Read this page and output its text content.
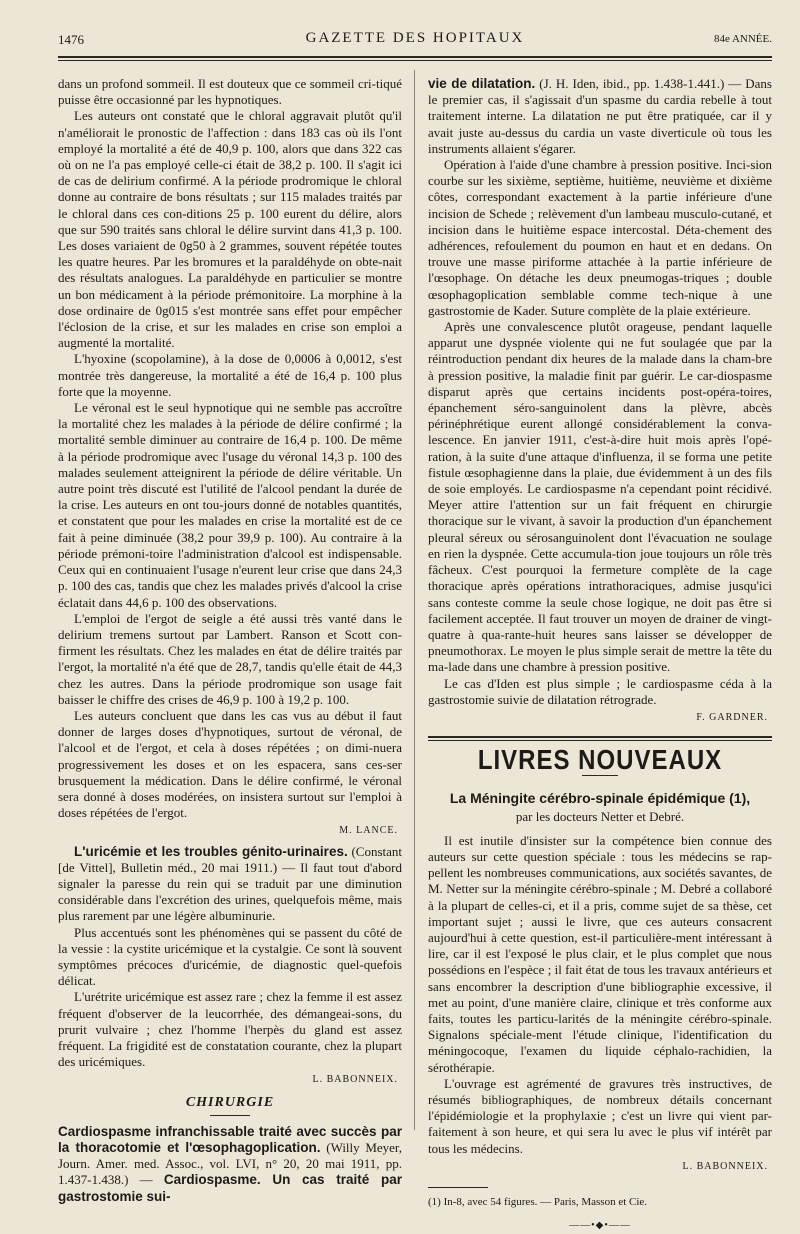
1476	GAZETTE DES HOPITAUX	84e ANNÉE.

dans un profond sommeil. Il est douteux que ce sommeil cri-tiqué puisse être occasionné par les hypnotiques.

Les auteurs ont constaté que le chloral aggravait plutôt qu'il n'améliorait le pronostic de l'affection : dans 183 cas où ils l'ont employé la mortalité a été de 40,9 p. 100, alors que dans 322 cas où on ne l'a pas employé celle-ci était de 38,2 p. 100. Il s'agit ici de cas de delirium confirmé. A la période prodromique le chloral donne au contraire de bons résultats ; sur 115 malades traités par le chloral dans ces con-ditions 25 p. 100 eurent du délire, alors que sur 590 traités sans chloral le délire survint dans 41,3 p. 100. Les doses variaient de 0g50 à 2 grammes, souvent répétée toutes les quatre heures. Par les bromures et la paraldéhyde on obte-nait des résultats analogues. La paraldéhyde en particulier se montre un bon médicament à la période prémonitoire. La morphine à la dose ordinaire de 0g015 s'est montrée sans effet pour empêcher l'éclosion de la crise, et sur les malades en crise son emploi a augmenté la mortalité.

L'hyoxine (scopolamine), à la dose de 0,0006 à 0,0012, s'est montrée très dangereuse, la mortalité a été de 16,4 p. 100 plus forte que la moyenne.

Le véronal est le seul hypnotique qui ne semble pas accroître la mortalité chez les malades à la période de délire confirmé ; la mortalité semble diminuer au contraire de 16,4 p. 100. De même à la période prodromique avec l'usage du véronal 14,3 p. 100 des malades seulement atteignirent la période de délire véritable. Un autre point très discuté est l'utilité de l'alcool pendant la durée de la crise. Les auteurs en ont tou-jours donné de notables quantités, et constatent que pour les malades en crise la mortalité est de ce fait à peine diminuée (38,2 pour 39,9 p. 100). Au contraire à la période prémoni-toire l'administration d'alcool est indispensable. Ceux qui en continuaient l'usage n'eurent leur crise que dans 24,3 p. 100 des cas, tandis que chez les malades privés d'alcool la crise éclatait dans 44,6 p. 100 des observations.

L'emploi de l'ergot de seigle a été aussi très vanté dans le delirium tremens surtout par Lambert. Ranson et Scott con-firment les résultats. Chez les malades en état de délire traités par l'ergot, la mortalité n'a été que de 28,7, tandis qu'elle était de 44,3 chez les autres. Dans la période prodromique son usage fait baisser le chiffre des crises de 46,9 p. 100 à 19,2 p. 100.

Les auteurs concluent que dans les cas vus au début il faut donner de larges doses d'hypnotiques, surtout de véronal, de l'alcool et de l'ergot, et cela à doses répétées ; on dimi-nuera progressivement les doses et on les espacera, sans ces-ser brusquement la médication. Dans le délire confirmé, le véronal sera donné à doses modérées, on insistera surtout sur l'emploi à doses répétées de l'ergot.

M. LANCE.

L'uricémie et les troubles génito-urinaires. (Constant [de Vittel], Bulletin méd., 20 mai 1911.) — Il faut tout d'abord signaler la paresse du rein qui se traduit par une diminution considérable dans l'excrétion des urines, quelquefois même, mais plus rarement par une légère albuminurie.

Plus accentués sont les phénomènes qui se passent du côté de la vessie : la cystite uricémique et la cystalgie. Ce sont là souvent symptômes précoces d'uricémie, de diagnostic quel-quefois délicat.

L'urétrite uricémique est assez rare ; chez la femme il est assez fréquent d'observer de la leucorrhée, des démangeai-sons, du prurit vulvaire ; chez l'homme l'herpès du gland est assez fréquent. La frigidité est de constatation courante, chez la plupart des uricémiques.

L. BABONNEIX.
CHIRURGIE

Cardiospasme infranchissable traité avec succès par la thoracotomie et l'œsophagoplication. (Willy Meyer, Journ. Amer. med. Assoc., vol. LVI, n° 20, 20 mai 1911, pp. 1.437-1.438.) — Cardiospasme. Un cas traité par gastrostomie sui-

vie de dilatation. (J. H. Iden, ibid., pp. 1.438-1.441.) — Dans le premier cas, il s'agissait d'un spasme du cardia rebelle à tout traitement interne. La dilatation ne put être pratiquée, car il y avait juste au-dessus du cardia un vaste diverticule où tous les instruments allaient s'égarer.

Opération à l'aide d'une chambre à pression positive. Inci-sion courbe sur les sixième, septième, huitième, neuvième et dixième côtes, correspondant exactement à la partie inférieure d'une incision de Schede ; relèvement d'un lambeau musculo-cutané, et incision dans le huitième espace intercostal. Déta-chement des adhérences, refoulement du poumon en haut et en dedans. On trouve une masse piriforme attachée à la partie inférieure de l'œsophage. On détache les deux pneumogas-triques ; double œsophagoplication semblable comme tech-nique à une gastrostomie de Kader. Suture complète de la plaie extérieure.

Après une convalescence plutôt orageuse, pendant laquelle apparut une dyspnée violente qui ne fut soulagée que par la réintroduction pendant dix heures de la malade dans la cham-bre à pression positive, la maladie finit par guérir. Le car-diospasme disparut après que certains incidents post-opéra-toires, épanchement séro-sanguinolent dans la plèvre, abcès périnéphrétique eurent allongé considérablement la conva-lescence. En janvier 1911, c'est-à-dire huit mois après l'opé-ration, à la suite d'une attaque d'influenza, il se forma une petite fistule œsophagienne dans la plaie, due évidemment à un des fils de soie employés. Le cardiospasme n'a cependant point récidivé. Meyer attire l'attention sur un fait fréquent en chirurgie thoracique sur le vivant, à savoir la production d'un épanchement pleural séreux ou sérosanguinolent dont l'évacuation ne soulage en rien la dyspnée. Cette accumula-tion joue toujours un rôle très fâcheux. C'est pourquoi la fermeture complète de la cage thoracique après opérations intrathoraciques, admise jusqu'ici sans conteste comme la seule chose logique, ne doit pas être si facilement acceptée. Il faut trouver un moyen de drainer de vingt-quatre à qua-rante-huit heures sans laisser se développer de pneumothorax. Le moyen le plus simple serait de mettre la tête du ma-lade dans une chambre à pression positive.

Le cas d'Iden est plus simple ; le cardiospasme céda à la gastrostomie suivie de dilatation rétrograde.

F. GARDNER.
LIVRES NOUVEAUX
La Méningite cérébro-spinale épidémique (1),
par les docteurs Netter et Debré.

Il est inutile d'insister sur la compétence bien connue des auteurs sur cette question spéciale : tous les médecins se rap-pellent les nombreuses communications, aux sociétés savantes, de M. Netter sur la méningite cérébro-spinale ; M. Debré a collaboré à la plupart de celles-ci, et il a pris, comme sujet de sa thèse, cet important sujet ; aussi le livre, que ces auteurs consacrent aujourd'hui à cette question, est-il particulière-ment intéressant à lire, car il est l'exposé le plus clair, et le plus complet que nous possédions en l'espèce ; il fait état de tous les travaux antérieurs et sans encombrer la description d'une bibliographie excessive, il met au point, d'une manière claire, clinique et très conforme aux faits, toutes les particu-larités de la méningite cérébro-spinale. Signalons spéciale-ment l'étude clinique, l'identification du méningocoque, l'examen du liquide céphalo-rachidien, la sérothérapie.

L'ouvrage est agrémenté de gravures très instructives, de résumés bibliographiques, de nombreux détails concernant l'épidémiologie et la prophylaxie ; c'est un livre qui vient par-faitement à son heure, et qui sera lu avec le plus vif intérêt par tous les médecins.

L. BABONNEIX.

(1) In-8, avec 54 figures. — Paris, Masson et Cie.

——•◆•——
